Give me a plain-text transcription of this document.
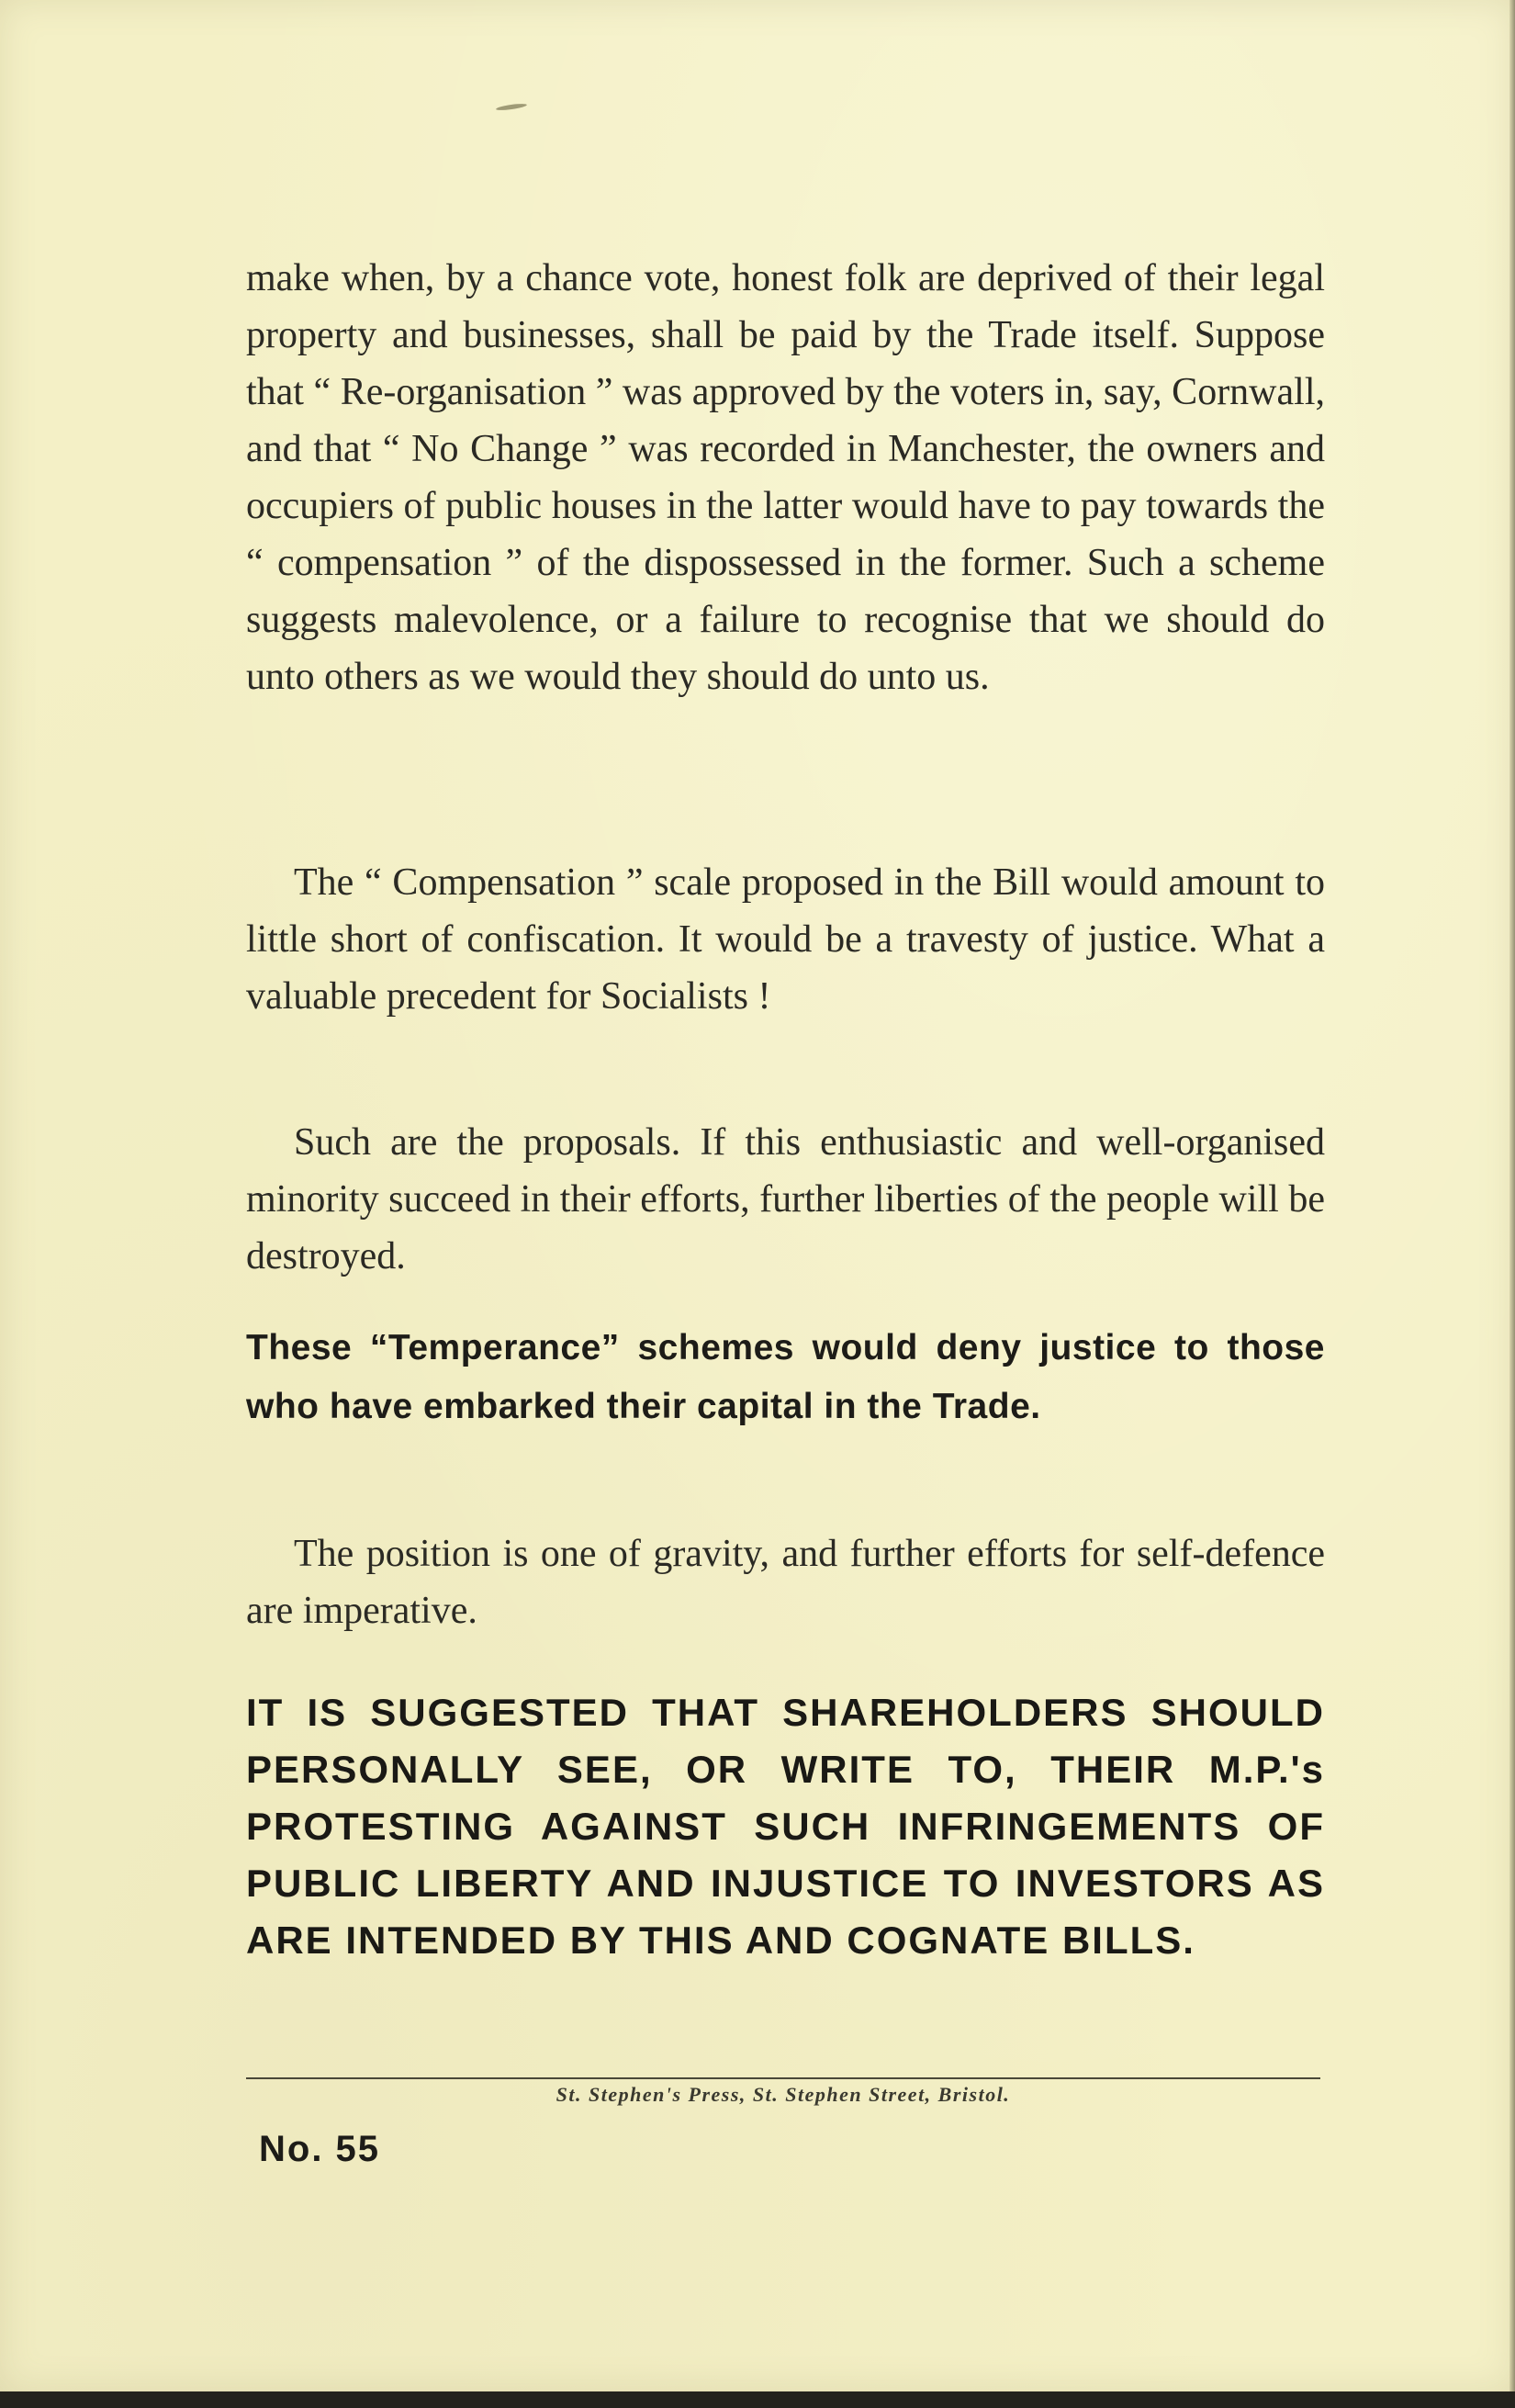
make when, by a chance vote, honest folk are deprived of their legal property and businesses, shall be paid by the Trade itself. Suppose that “ Re-organisation ” was approved by the voters in, say, Cornwall, and that “ No Change ” was recorded in Manchester, the owners and occupiers of public houses in the latter would have to pay towards the “ compensation ” of the dispossessed in the former. Such a scheme suggests malevolence, or a failure to recognise that we should do unto others as we would they should do unto us.

The “ Compensation ” scale proposed in the Bill would amount to little short of confiscation. It would be a travesty of justice. What a valuable precedent for Socialists !

Such are the proposals. If this enthusiastic and well-organised minority succeed in their efforts, further liberties of the people will be destroyed.

These “Temperance” schemes would deny justice to those who have embarked their capital in the Trade.

The position is one of gravity, and further efforts for self-defence are imperative.

IT IS SUGGESTED THAT SHAREHOLDERS SHOULD PERSONALLY SEE, OR WRITE TO, THEIR M.P.'s PROTESTING AGAINST SUCH INFRINGEMENTS OF PUBLIC LIBERTY AND INJUSTICE TO INVESTORS AS ARE INTENDED BY THIS AND COGNATE BILLS.
St. Stephen's Press, St. Stephen Street, Bristol.
No. 55
